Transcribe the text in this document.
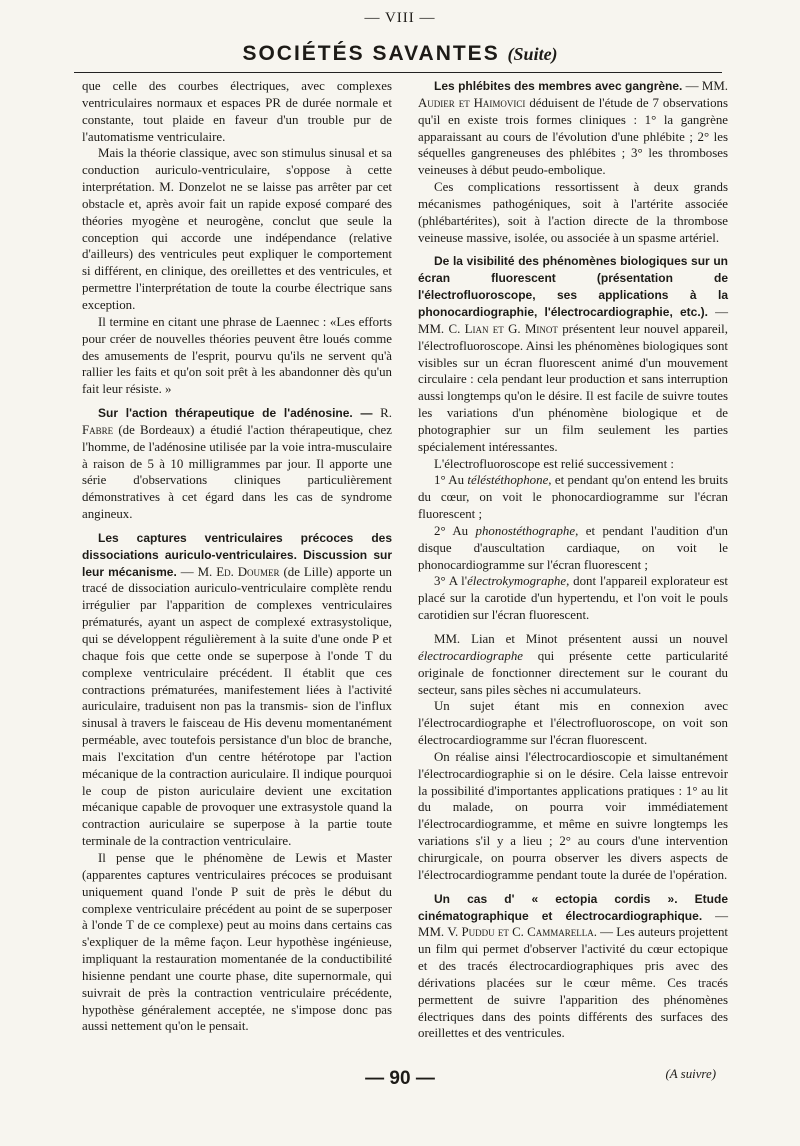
— VIII —
SOCIÉTÉS SAVANTES (Suite)

que celle des courbes électriques, avec complexes ventriculaires normaux et espaces PR de durée normale et constante, tout plaide en faveur d'un trouble pur de l'automatisme ventriculaire.

Mais la théorie classique, avec son stimulus sinusal et sa conduction auriculo-ventriculaire, s'oppose à cette interprétation. M. Donzelot ne se laisse pas arrêter par cet obstacle et, après avoir fait un rapide exposé comparé des théories myogène et neurogène, conclut que seule la conception qui accorde une indépendance (relative d'ailleurs) des ventricules peut expliquer le comportement si différent, en clinique, des oreillettes et des ventricules, et permettre l'interprétation de toute la courbe électrique sans exception.

Il termine en citant une phrase de Laennec : «Les efforts pour créer de nouvelles théories peuvent être loués comme des amusements de l'esprit, pourvu qu'ils ne servent qu'à rallier les faits et qu'on soit prêt à les abandonner dès qu'un fait leur résiste. »

Sur l'action thérapeutique de l'adénosine. — R. Fabre (de Bordeaux) a étudié l'action thérapeutique, chez l'homme, de l'adénosine utilisée par la voie intra-musculaire à raison de 5 à 10 milligrammes par jour. Il apporte une série d'observations cliniques particulièrement démonstratives à cet égard dans les cas de syndrome angineux.

Les captures ventriculaires précoces des dissociations auriculo-ventriculaires. Discussion sur leur mécanisme. — M. Ed. Doumer (de Lille) apporte un tracé de dissociation auriculo-ventriculaire complète rendu irrégulier par l'apparition de complexes ventriculaires prématurés, ayant un aspect de complexé extrasystolique, qui se développent régulièrement à la suite d'une onde P et chaque fois que cette onde se superpose à l'onde T du complexe ventriculaire précédent. Il établit que ces contractions prématurées, manifestement liées à l'activité auriculaire, traduisent non pas la transmis- sion de l'influx sinusal à travers le faisceau de His devenu momentanément perméable, avec toutefois persistance d'un bloc de branche, mais l'excitation d'un centre hétérotope par l'action mécanique de la contraction auriculaire. Il indique pourquoi le coup de piston auriculaire devient une excitation mécanique capable de provoquer une extrasystole quand la contraction auriculaire se superpose à la partie toute terminale de la contraction ventriculaire.

Il pense que le phénomène de Lewis et Master (apparentes captures ventriculaires précoces se produisant uniquement quand l'onde P suit de près le début du complexe ventriculaire précédent au point de se superposer à l'onde T de ce complexe) peut au moins dans certains cas s'expliquer de la même façon. Leur hypothèse ingénieuse, impliquant la restauration momentanée de la conductibilité hisienne pendant une courte phase, dite supernormale, qui suivrait de près la contraction ventriculaire précédente, hypothèse généralement acceptée, ne s'impose donc pas aussi nettement qu'on le pensait.

Les phlébites des membres avec gangrène. — MM. Audier et Haimovici déduisent de l'étude de 7 observations qu'il en existe trois formes cliniques : 1° la gangrène apparaissant au cours de l'évolution d'une phlébite ; 2° les séquelles gangreneuses des phlébites ; 3° les thromboses veineuses à début peudo-embolique.

Ces complications ressortissent à deux grands mécanismes pathogéniques, soit à l'artérite associée (phlébartérites), soit à l'action directe de la thrombose veineuse massive, isolée, ou associée à un spasme artériel.

De la visibilité des phénomènes biologiques sur un écran fluorescent (présentation de l'électrofluoroscope, ses applications à la phonocardiographie, l'électrocardiographie, etc.). — MM. C. Lian et G. Minot présentent leur nouvel appareil, l'électrofluoroscope. Ainsi les phénomènes biologiques sont visibles sur un écran fluorescent animé d'un mouvement circulaire : cela pendant leur production et sans interruption aussi longtemps qu'on le désire. Il est facile de suivre toutes les variations d'un phénomène biologique et de photographier sur un film seulement les parties spécialement intéressantes.

L'électrofluoroscope est relié successivement :

1° Au téléstéthophone, et pendant qu'on entend les bruits du cœur, on voit le phonocardiogramme sur l'écran fluorescent ;

2° Au phonostéthographe, et pendant l'audition d'un disque d'auscultation cardiaque, on voit le phonocardiogramme sur l'écran fluorescent ;

3° A l'électrokymographe, dont l'appareil explorateur est placé sur la carotide d'un hypertendu, et l'on voit le pouls carotidien sur l'écran fluorescent.

MM. Lian et Minot présentent aussi un nouvel électrocardiographe qui présente cette particularité originale de fonctionner directement sur le courant du secteur, sans piles sèches ni accumulateurs.

Un sujet étant mis en connexion avec l'électrocardiographe et l'électrofluoroscope, on voit son électrocardiogramme sur l'écran fluorescent.

On réalise ainsi l'électrocardioscopie et simultanément l'électrocardiographie si on le désire. Cela laisse entrevoir la possibilité d'importantes applications pratiques : 1° au lit du malade, on pourra voir immédiatement l'électrocardiogramme, et même en suivre longtemps les variations s'il y a lieu ; 2° au cours d'une intervention chirurgicale, on pourra observer les divers aspects de l'électrocardiogramme pendant toute la durée de l'opération.

Un cas d' « ectopia cordis ». Etude cinématographique et électrocardiographique. — MM. V. Puddu et C. Cammarella. — Les auteurs projettent un film qui permet d'observer l'activité du cœur ectopique et des tracés électrocardiographiques pris avec des dérivations placées sur le cœur même. Ces tracés permettent de suivre l'apparition des phénomènes électriques dans des points différents des surfaces des oreillettes et des ventricules.

(A suivre)
— 90 —
